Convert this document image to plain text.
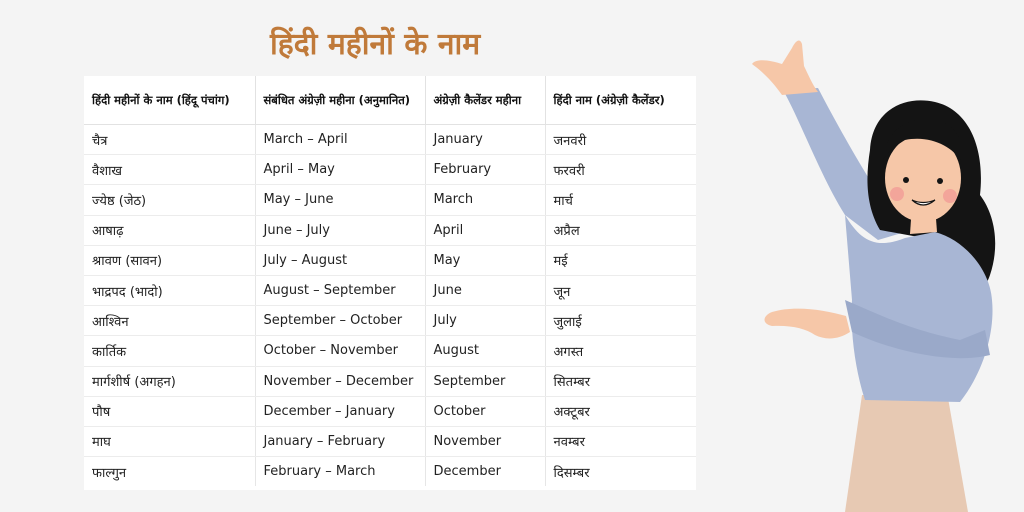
हिंदी महीनों के नाम
हिंदी महीनों के नाम (हिंदू पंचांग)	संबंधित अंग्रेज़ी महीना (अनुमानित)	अंग्रेज़ी कैलेंडर महीना	हिंदी नाम (अंग्रेज़ी कैलेंडर)
चैत्र	March – April	January	जनवरी
वैशाख	April – May	February	फरवरी
ज्येष्ठ (जेठ)	May – June	March	मार्च
आषाढ़	June – July	April	अप्रैल
श्रावण (सावन)	July – August	May	मई
भाद्रपद (भादो)	August – September	June	जून
आश्विन	September – October	July	जुलाई
कार्तिक	October – November	August	अगस्त
मार्गशीर्ष (अगहन)	November – December	September	सितम्बर
पौष	December – January	October	अक्टूबर
माघ	January – February	November	नवम्बर
फाल्गुन	February – March	December	दिसम्बर
